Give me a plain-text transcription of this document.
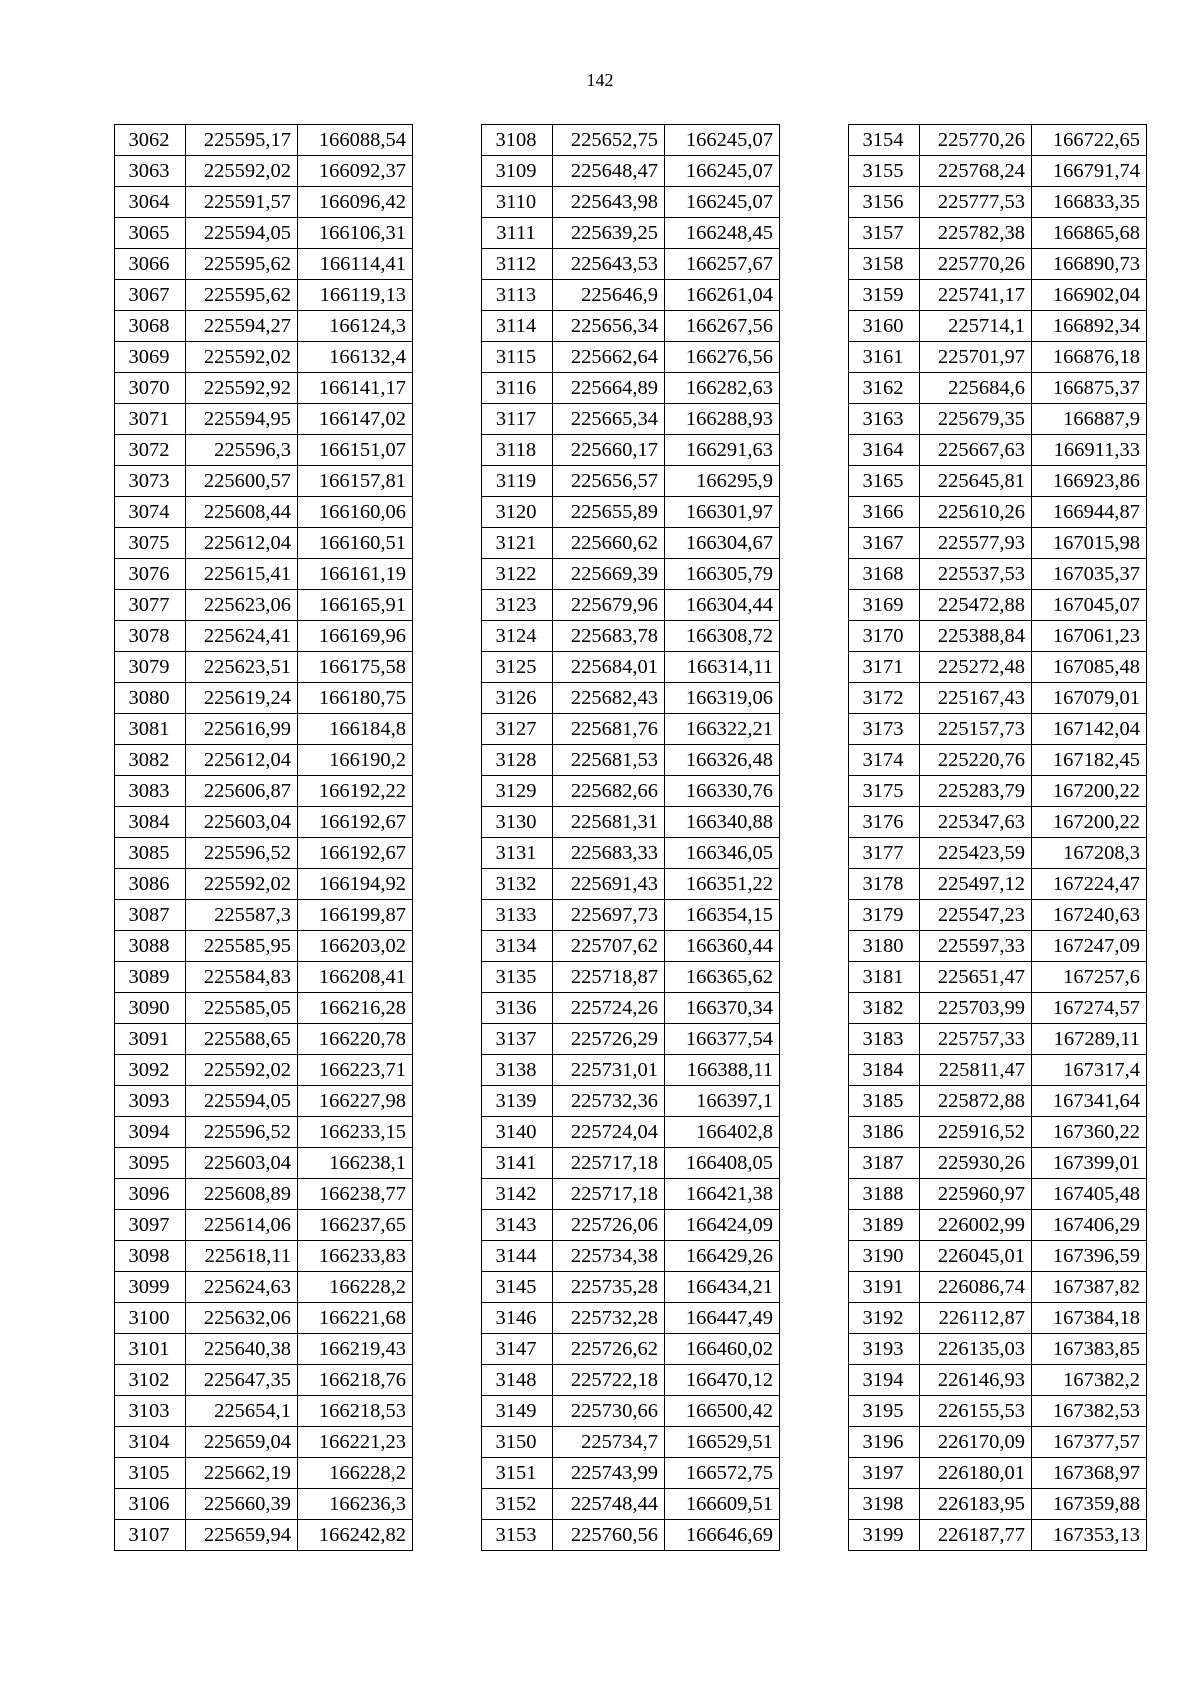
142
3062	225595,17	166088,54
3063	225592,02	166092,37
3064	225591,57	166096,42
3065	225594,05	166106,31
3066	225595,62	166114,41
3067	225595,62	166119,13
3068	225594,27	166124,3
3069	225592,02	166132,4
3070	225592,92	166141,17
3071	225594,95	166147,02
3072	225596,3	166151,07
3073	225600,57	166157,81
3074	225608,44	166160,06
3075	225612,04	166160,51
3076	225615,41	166161,19
3077	225623,06	166165,91
3078	225624,41	166169,96
3079	225623,51	166175,58
3080	225619,24	166180,75
3081	225616,99	166184,8
3082	225612,04	166190,2
3083	225606,87	166192,22
3084	225603,04	166192,67
3085	225596,52	166192,67
3086	225592,02	166194,92
3087	225587,3	166199,87
3088	225585,95	166203,02
3089	225584,83	166208,41
3090	225585,05	166216,28
3091	225588,65	166220,78
3092	225592,02	166223,71
3093	225594,05	166227,98
3094	225596,52	166233,15
3095	225603,04	166238,1
3096	225608,89	166238,77
3097	225614,06	166237,65
3098	225618,11	166233,83
3099	225624,63	166228,2
3100	225632,06	166221,68
3101	225640,38	166219,43
3102	225647,35	166218,76
3103	225654,1	166218,53
3104	225659,04	166221,23
3105	225662,19	166228,2
3106	225660,39	166236,3
3107	225659,94	166242,82
3108	225652,75	166245,07
3109	225648,47	166245,07
3110	225643,98	166245,07
3111	225639,25	166248,45
3112	225643,53	166257,67
3113	225646,9	166261,04
3114	225656,34	166267,56
3115	225662,64	166276,56
3116	225664,89	166282,63
3117	225665,34	166288,93
3118	225660,17	166291,63
3119	225656,57	166295,9
3120	225655,89	166301,97
3121	225660,62	166304,67
3122	225669,39	166305,79
3123	225679,96	166304,44
3124	225683,78	166308,72
3125	225684,01	166314,11
3126	225682,43	166319,06
3127	225681,76	166322,21
3128	225681,53	166326,48
3129	225682,66	166330,76
3130	225681,31	166340,88
3131	225683,33	166346,05
3132	225691,43	166351,22
3133	225697,73	166354,15
3134	225707,62	166360,44
3135	225718,87	166365,62
3136	225724,26	166370,34
3137	225726,29	166377,54
3138	225731,01	166388,11
3139	225732,36	166397,1
3140	225724,04	166402,8
3141	225717,18	166408,05
3142	225717,18	166421,38
3143	225726,06	166424,09
3144	225734,38	166429,26
3145	225735,28	166434,21
3146	225732,28	166447,49
3147	225726,62	166460,02
3148	225722,18	166470,12
3149	225730,66	166500,42
3150	225734,7	166529,51
3151	225743,99	166572,75
3152	225748,44	166609,51
3153	225760,56	166646,69
3154	225770,26	166722,65
3155	225768,24	166791,74
3156	225777,53	166833,35
3157	225782,38	166865,68
3158	225770,26	166890,73
3159	225741,17	166902,04
3160	225714,1	166892,34
3161	225701,97	166876,18
3162	225684,6	166875,37
3163	225679,35	166887,9
3164	225667,63	166911,33
3165	225645,81	166923,86
3166	225610,26	166944,87
3167	225577,93	167015,98
3168	225537,53	167035,37
3169	225472,88	167045,07
3170	225388,84	167061,23
3171	225272,48	167085,48
3172	225167,43	167079,01
3173	225157,73	167142,04
3174	225220,76	167182,45
3175	225283,79	167200,22
3176	225347,63	167200,22
3177	225423,59	167208,3
3178	225497,12	167224,47
3179	225547,23	167240,63
3180	225597,33	167247,09
3181	225651,47	167257,6
3182	225703,99	167274,57
3183	225757,33	167289,11
3184	225811,47	167317,4
3185	225872,88	167341,64
3186	225916,52	167360,22
3187	225930,26	167399,01
3188	225960,97	167405,48
3189	226002,99	167406,29
3190	226045,01	167396,59
3191	226086,74	167387,82
3192	226112,87	167384,18
3193	226135,03	167383,85
3194	226146,93	167382,2
3195	226155,53	167382,53
3196	226170,09	167377,57
3197	226180,01	167368,97
3198	226183,95	167359,88
3199	226187,77	167353,13
